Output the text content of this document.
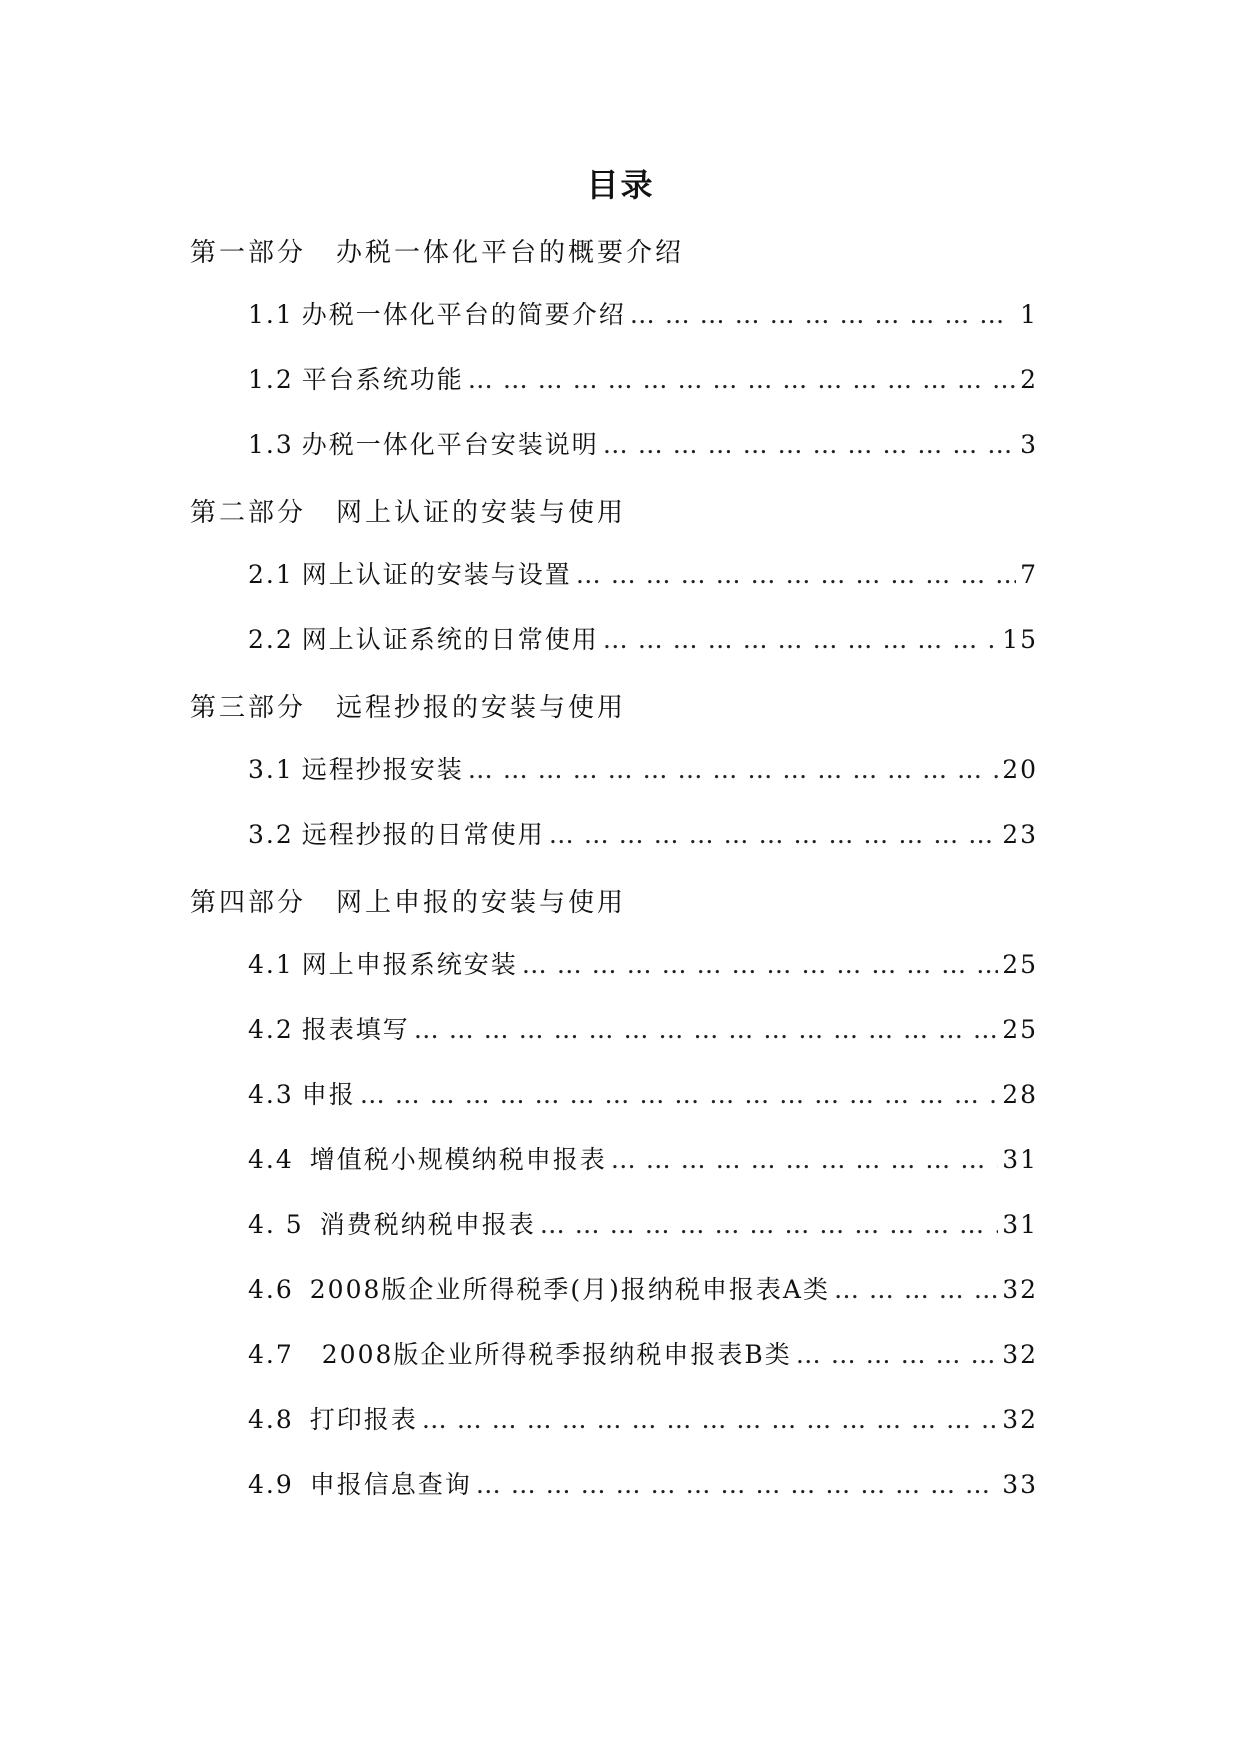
目录
第一部分 办税一体化平台的概要介绍
1.1 办税一体化平台的简要介绍 … … … … … … … … … … … … … … … … … … … … … … … … … … … … … … … … … … … … … … … … … … …	1
1.2 平台系统功能 … … … … … … … … … … … … … … … … … … … … … … … … … … … … … … … … … … … … … … … … … … …	2
1.3 办税一体化平台安装说明 … … … … … … … … … … … … … … … … … … … … … … … … … … … … … … … … … … … … … … … … … … …	3
第二部分 网上认证的安装与使用
2.1 网上认证的安装与设置 … … … … … … … … … … … … … … … … … … … … … … … … … … … … … … … … … … … … … … … … … … …	7
2.2 网上认证系统的日常使用 … … … … … … … … … … … … … … … … … … … … … … … … … … … … … … … … … … … … … … … … … … …	15
第三部分 远程抄报的安装与使用
3.1 远程抄报安装 … … … … … … … … … … … … … … … … … … … … … … … … … … … … … … … … … … … … … … … … … … …	20
3.2 远程抄报的日常使用 … … … … … … … … … … … … … … … … … … … … … … … … … … … … … … … … … … … … … … … … … … …	23
第四部分 网上申报的安装与使用
4.1 网上申报系统安装 … … … … … … … … … … … … … … … … … … … … … … … … … … … … … … … … … … … … … … … … … … …	25
4.2 报表填写 … … … … … … … … … … … … … … … … … … … … … … … … … … … … … … … … … … … … … … … … … … …	25
4.3 申报 … … … … … … … … … … … … … … … … … … … … … … … … … … … … … … … … … … … … … … … … … … …	28
4.4 增值税小规模纳税申报表 … … … … … … … … … … … … … … … … … … … … … … … … … … … … … … … … … … … … … … … … … … …	31
4. 5 消费税纳税申报表 … … … … … … … … … … … … … … … … … … … … … … … … … … … … … … … … … … … … … … … … … … …	31
4.6 2008版企业所得税季(月)报纳税申报表A类 … … … … … … … … … … … … … … … … … … … … … … … … … … … … … … … … … … … … … … … … … … …	32
4.7 2008版企业所得税季报纳税申报表B类 … … … … … … … … … … … … … … … … … … … … … … … … … … … … … … … … … … … … … … … … … … …	32
4.8 打印报表 … … … … … … … … … … … … … … … … … … … … … … … … … … … … … … … … … … … … … … … … … … …	32
4.9 申报信息查询 … … … … … … … … … … … … … … … … … … … … … … … … … … … … … … … … … … … … … … … … … … …	33
